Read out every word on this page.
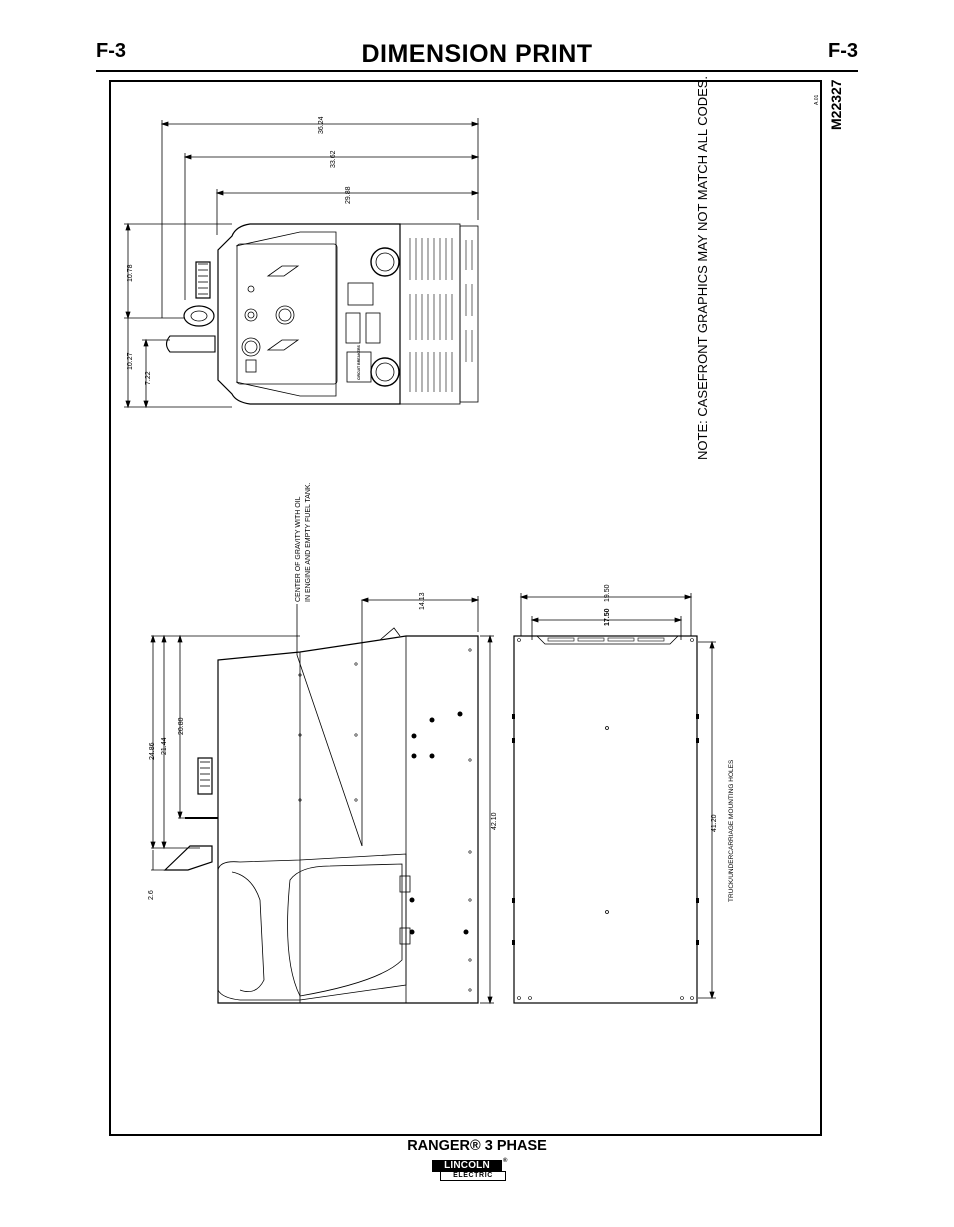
F-3	DIMENSION PRINT	F-3
M22327
A.01
NOTE: CASEFRONT GRAPHICS MAY NOT MATCH ALL CODES.
36.24
33.62
29.88
10.78
10.27
7.22	CIRCUIT BREAKERS
CENTER OF GRAVITY WITH OIL IN ENGINE AND EMPTY FUEL TANK.	14.13
24.86 21.44
20.80
2.6
42.10
19.50
17.50
41.20 TRUCK/UNDERCARRIAGE MOUNTING HOLES
RANGER® 3 PHASE
LINCOLN
ELECTRIC
®
